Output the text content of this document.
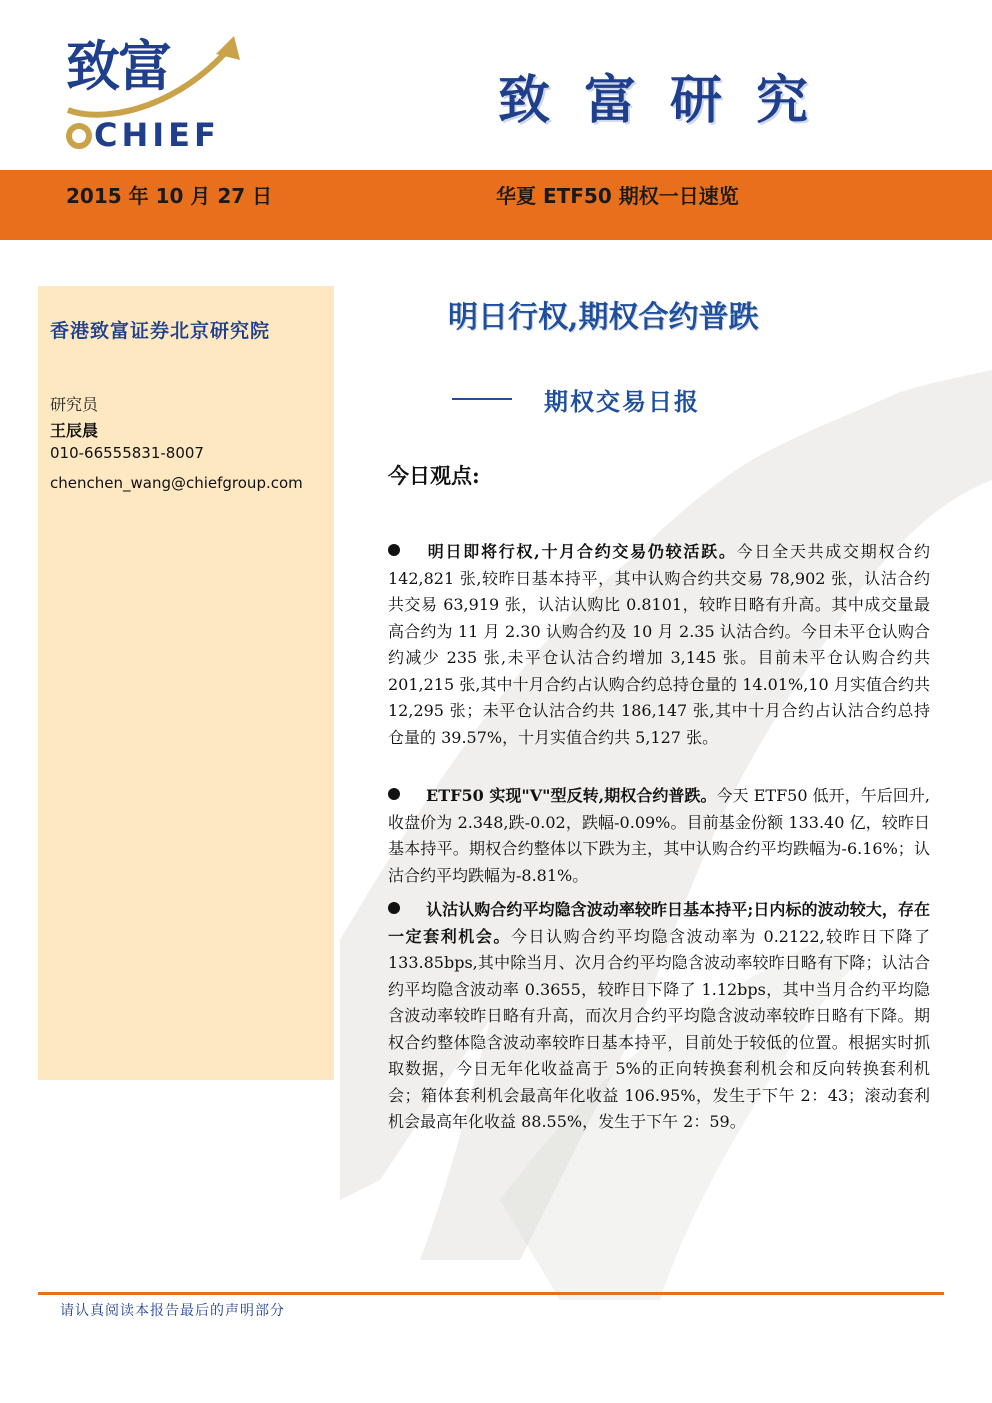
致富
CHIEF
致富研究
2015 年 10 月 27 日	华夏 ETF50 期权一日速览
香港致富证券北京研究院
研究员
王辰晨
010-66555831-8007
chenchen_wang@chiefgroup.com
明日行权,期权合约普跌
期权交易日报
今日观点:
明日即将行权,十月合约交易仍较活跃。今日全天共成交期权合约 142,821 张,较昨日基本持平，其中认购合约共交易 78,902 张，认沽合约共交易 63,919 张，认沽认购比 0.8101，较昨日略有升高。其中成交量最高合约为 11 月 2.30 认购合约及 10 月 2.35 认沽合约。今日未平仓认购合约减少 235 张,未平仓认沽合约增加 3,145 张。目前未平仓认购合约共 201,215 张,其中十月合约占认购合约总持仓量的 14.01%,10 月实值合约共 12,295 张；未平仓认沽合约共 186,147 张,其中十月合约占认沽合约总持仓量的 39.57%，十月实值合约共 5,127 张。
ETF50 实现"V"型反转,期权合约普跌。今天 ETF50 低开，午后回升,收盘价为 2.348,跌-0.02，跌幅-0.09%。目前基金份额 133.40 亿，较昨日基本持平。期权合约整体以下跌为主，其中认购合约平均跌幅为-6.16%；认沽合约平均跌幅为-8.81%。
认沽认购合约平均隐含波动率较昨日基本持平;日内标的波动较大，存在一定套利机会。今日认购合约平均隐含波动率为 0.2122,较昨日下降了 133.85bps,其中除当月、次月合约平均隐含波动率较昨日略有下降；认沽合约平均隐含波动率 0.3655，较昨日下降了 1.12bps，其中当月合约平均隐含波动率较昨日略有升高，而次月合约平均隐含波动率较昨日略有下降。期权合约整体隐含波动率较昨日基本持平，目前处于较低的位置。根据实时抓取数据，今日无年化收益高于 5%的正向转换套利机会和反向转换套利机会；箱体套利机会最高年化收益 106.95%，发生于下午 2：43；滚动套利机会最高年化收益 88.55%，发生于下午 2：59。
请认真阅读本报告最后的声明部分
